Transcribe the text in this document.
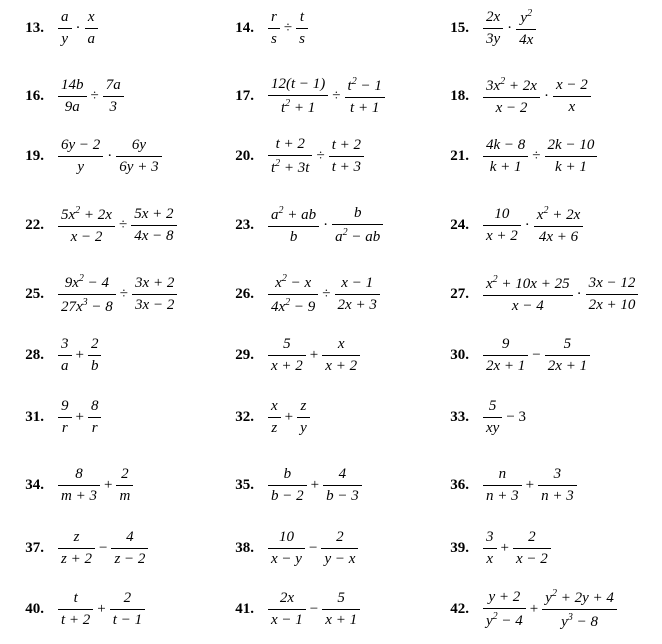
13. $\frac{a}{y} \cdot \frac{x}{a}$	14. $\frac{r}{s} \div \frac{t}{s}$	15. $\frac{2x}{3y} \cdot \frac{y^2}{4x}$
16. $\frac{14b}{9a} \div \frac{7a}{3}$	17. $\frac{12(t - 1)}{t^2 + 1} \div \frac{t^2 - 1}{t + 1}$	18. $\frac{3x^2 + 2x}{x - 2} \cdot \frac{x - 2}{x}$
19. $\frac{6y - 2}{y} \cdot \frac{6y}{6y + 3}$	20. $\frac{t + 2}{t^2 + 3t} \div \frac{t + 2}{t + 3}$	21. $\frac{4k - 8}{k + 1} \div \frac{2k - 10}{k + 1}$
22. $\frac{5x^2 + 2x}{x - 2} \div \frac{5x + 2}{4x - 8}$	23. $\frac{a^2 + ab}{b} \cdot \frac{b}{a^2 - ab}$	24. $\frac{10}{x + 2} \cdot \frac{x^2 + 2x}{4x + 6}$
25. $\frac{9x^2 - 4}{27x^3 - 8} \div \frac{3x + 2}{3x - 2}$	26. $\frac{x^2 - x}{4x^2 - 9} \div \frac{x - 1}{2x + 3}$	27. $\frac{x^2 + 10x + 25}{x - 4} \cdot \frac{3x - 12}{2x + 10}$
28. $\frac{3}{a} + \frac{2}{b}$	29. $\frac{5}{x + 2} + \frac{x}{x + 2}$	30. $\frac{9}{2x + 1} - \frac{5}{2x + 1}$
31. $\frac{9}{r} + \frac{8}{r}$	32. $\frac{x}{z} + \frac{z}{y}$	33. $\frac{5}{xy} - 3$
34. $\frac{8}{m + 3} + \frac{2}{m}$	35. $\frac{b}{b - 2} + \frac{4}{b - 3}$	36. $\frac{n}{n + 3} + \frac{3}{n + 3}$
37. $\frac{z}{z + 2} - \frac{4}{z - 2}$	38. $\frac{10}{x - y} - \frac{2}{y - x}$	39. $\frac{3}{x} + \frac{2}{x - 2}$
40. $\frac{t}{t + 2} + \frac{2}{t - 1}$	41. $\frac{2x}{x - 1} - \frac{5}{x + 1}$	42. $\frac{y + 2}{y^2 - 4} + \frac{y^2 + 2y + 4}{y^3 - 8}$
